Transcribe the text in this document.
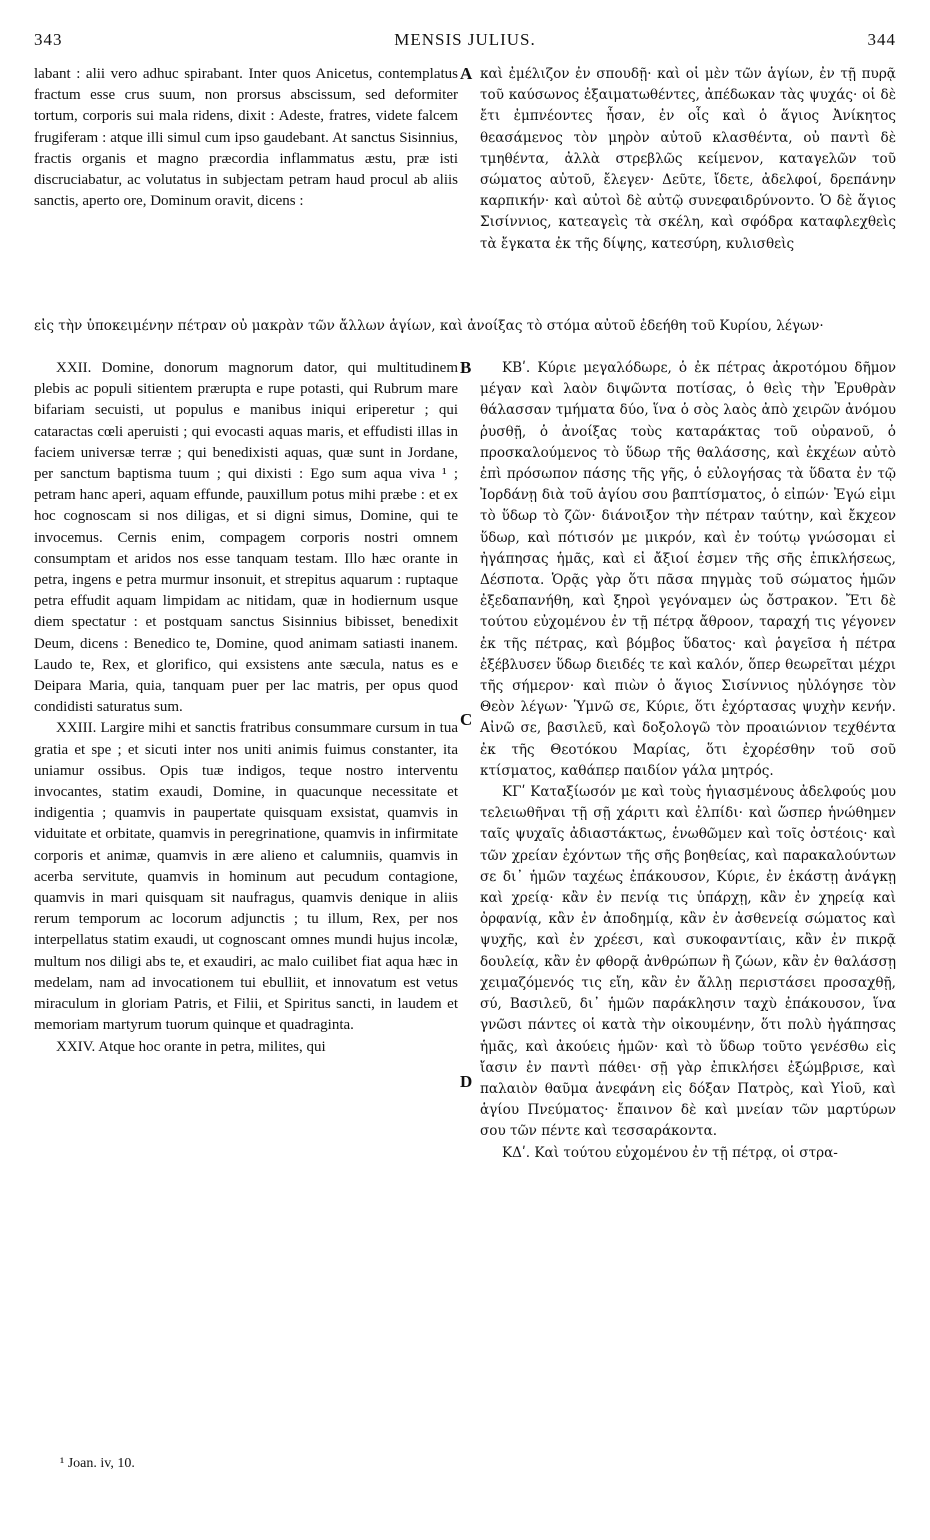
343	MENSIS JULIUS.	344

labant : alii vero adhuc spirabant. Inter quos Anicetus, contemplatus fractum esse crus suum, non prorsus abscissum, sed deformiter tortum, corporis sui mala ridens, dixit : Adeste, fratres, videte falcem frugiferam : atque illi simul cum ipso gaudebant. At sanctus Sisinnius, fractis organis et magno præcordia inflammatus æstu, præ isti discruciabatur, ac volutatus in subjectam petram haud procul ab aliis sanctis, aperto ore, Dominum oravit, dicens :

καὶ ἐμέλιζον ἐν σπουδῇ· καὶ οἱ μὲν τῶν ἁγίων, ἐν τῇ πυρᾷ τοῦ καύσωνος ἐξαιματωθέντες, ἀπέδωκαν τὰς ψυχάς· οἱ δὲ ἔτι ἐμπνέοντες ἦσαν, ἐν οἷς καὶ ὁ ἅγιος Ἀνίκητος θεασάμενος τὸν μηρὸν αὐτοῦ κλασθέντα, οὐ παντὶ δὲ τμηθέντα, ἀλλὰ στρεβλῶς κείμενον, καταγελῶν τοῦ σώματος αὐτοῦ, ἔλεγεν· Δεῦτε, ἴδετε, ἀδελφοί, δρεπάνην καρπικήν· καὶ αὐτοὶ δὲ αὐτῷ συνεφαιδρύνοντο. Ὁ δὲ ἅγιος Σισίννιος, κατεαγεὶς τὰ σκέλη, καὶ σφόδρα καταφλεχθεὶς τὰ ἔγκατα ἐκ τῆς δίψης, κατεσύρη, κυλισθεὶς

A

εἰς τὴν ὑποκειμένην πέτραν οὐ μακρὰν τῶν ἄλλων ἁγίων, καὶ ἀνοίξας τὸ στόμα αὐτοῦ ἐδεήθη τοῦ Κυρίου, λέγων·

XXII. Domine, donorum magnorum dator, qui multitudinem plebis ac populi sitientem prærupta e rupe potasti, qui Rubrum mare bifariam secuisti, ut populus e manibus iniqui eriperetur ; qui cataractas cœli aperuisti ; qui evocasti aquas maris, et effudisti illas in faciem universæ terræ ; qui benedixisti aquas, quæ sunt in Jordane, per sanctum baptisma tuum ; qui dixisti : Ego sum aqua viva ¹ ; petram hanc aperi, aquam effunde, pauxillum potus mihi præbe : et ex hoc cognoscam si nos diligas, et si digni simus, Domine, qui te invocemus. Cernis enim, compagem corporis nostri omnem consumptam et aridos nos esse tanquam testam. Illo hæc orante in petra, ingens e petra murmur insonuit, et strepitus aquarum : ruptaque petra effudit aquam limpidam ac nitidam, quæ in hodiernum usque diem spectatur : et postquam sanctus Sisinnius bibisset, benedixit Deum, dicens : Benedico te, Domine, quod animam satiasti inanem. Laudo te, Rex, et glorifico, qui exsistens ante sæcula, natus es e Deipara Maria, quia, tanquam puer per lac matris, per opus quod condidisti saturatus sum.

XXIII. Largire mihi et sanctis fratribus consummare cursum in tua gratia et spe ; et sicuti inter nos uniti animis fuimus constanter, ita uniamur ossibus. Opis tuæ indigos, teque nostro interventu invocantes, statim exaudi, Domine, in quacunque necessitate et indigentia ; quamvis in paupertate quisquam exsistat, quamvis in viduitate et orbitate, quamvis in peregrinatione, quamvis in infirmitate corporis et animæ, quamvis in ære alieno et calumniis, quamvis in acerba servitute, quamvis in hominum aut pecudum contagione, quamvis in mari quisquam sit naufragus, quamvis denique in aliis rerum temporum ac locorum adjunctis ; tu illum, Rex, per nos interpellatus statim exaudi, ut cognoscant omnes mundi hujus incolæ, multum nos diligi abs te, et exaudiri, ac malo cuilibet fiat aqua hæc in medelam, nam ad invocationem tui ebulliit, et innovatum est vetus miraculum in gloriam Patris, et Filii, et Spiritus sancti, in laudem et memoriam martyrum tuorum quinque et quadraginta.

XXIV. Atque hoc orante in petra, milites, qui

ΚΒʹ. Κύριε μεγαλόδωρε, ὁ ἐκ πέτρας ἀκροτόμου δῆμον μέγαν καὶ λαὸν διψῶντα ποτίσας, ὁ θεὶς τὴν Ἐρυθρὰν θάλασσαν τμήματα δύο, ἵνα ὁ σὸς λαὸς ἀπὸ χειρῶν ἀνόμου ῥυσθῇ, ὁ ἀνοίξας τοὺς καταράκτας τοῦ οὐρανοῦ, ὁ προσκαλούμενος τὸ ὕδωρ τῆς θαλάσσης, καὶ ἐκχέων αὐτὸ ἐπὶ πρόσωπον πάσης τῆς γῆς, ὁ εὐλογήσας τὰ ὕδατα ἐν τῷ Ἰορδάνῃ διὰ τοῦ ἁγίου σου βαπτίσματος, ὁ εἰπών· Ἐγώ εἰμι τὸ ὕδωρ τὸ ζῶν· διάνοιξον τὴν πέτραν ταύτην, καὶ ἔκχεον ὕδωρ, καὶ πότισόν με μικρόν, καὶ ἐν τούτῳ γνώσομαι εἰ ἠγάπησας ἡμᾶς, καὶ εἰ ἄξιοί ἐσμεν τῆς σῆς ἐπικλήσεως, Δέσποτα. Ὁρᾷς γὰρ ὅτι πᾶσα πηγμὰς τοῦ σώματος ἡμῶν ἐξεδαπανήθη, καὶ ξηροὶ γεγόναμεν ὡς ὄστρακον. Ἔτι δὲ τούτου εὐχομένου ἐν τῇ πέτρᾳ ἄθροον, ταραχή τις γέγονεν ἐκ τῆς πέτρας, καὶ βόμβος ὕδατος· καὶ ῥαγεῖσα ἡ πέτρα ἐξέβλυσεν ὕδωρ διειδές τε καὶ καλόν, ὅπερ θεωρεῖται μέχρι τῆς σήμερον· καὶ πιὼν ὁ ἅγιος Σισίννιος ηὐλόγησε τὸν Θεὸν λέγων· Ὑμνῶ σε, Κύριε, ὅτι ἐχόρτασας ψυχὴν κενήν. Αἰνῶ σε, βασιλεῦ, καὶ δοξολογῶ τὸν προαιώνιον τεχθέντα ἐκ τῆς Θεοτόκου Μαρίας, ὅτι ἐχορέσθην τοῦ σοῦ κτίσματος, καθάπερ παιδίον γάλα μητρός.

ΚΓʹ Καταξίωσόν με καὶ τοὺς ἡγιασμένους ἀδελφούς μου τελειωθῆναι τῇ σῇ χάριτι καὶ ἐλπίδι· καὶ ὥσπερ ἡνώθημεν ταῖς ψυχαῖς ἀδιαστάκτως, ἑνωθῶμεν καὶ τοῖς ὀστέοις· καὶ τῶν χρείαν ἐχόντων τῆς σῆς βοηθείας, καὶ παρακαλούντων σε δι᾽ ἡμῶν ταχέως ἐπάκουσον, Κύριε, ἐν ἑκάστῃ ἀνάγκῃ καὶ χρείᾳ· κἂν ἐν πενίᾳ τις ὑπάρχῃ, κἂν ἐν χηρείᾳ καὶ ὀρφανίᾳ, κἂν ἐν ἀποδημίᾳ, κἂν ἐν ἀσθενείᾳ σώματος καὶ ψυχῆς, καὶ ἐν χρέεσι, καὶ συκοφαντίαις, κἂν ἐν πικρᾷ δουλείᾳ, κἂν ἐν φθορᾷ ἀνθρώπων ἢ ζώων, κἂν ἐν θαλάσσῃ χειμαζόμενός τις εἴη, κἂν ἐν ἄλλῃ περιστάσει προσαχθῇ, σύ, Βασιλεῦ, δι᾽ ἡμῶν παράκλησιν ταχὺ ἐπάκουσον, ἵνα γνῶσι πάντες οἱ κατὰ τὴν οἰκουμένην, ὅτι πολὺ ἠγάπησας ἡμᾶς, καὶ ἀκούεις ἡμῶν· καὶ τὸ ὕδωρ τοῦτο γενέσθω εἰς ἴασιν ἐν παντὶ πάθει· σῇ γὰρ ἐπικλήσει ἐξώμβρισε, καὶ παλαιὸν θαῦμα ἀνεφάνη εἰς δόξαν Πατρὸς, καὶ Υἱοῦ, καὶ ἁγίου Πνεύματος· ἔπαινον δὲ καὶ μνείαν τῶν μαρτύρων σου τῶν πέντε καὶ τεσσαράκοντα.

ΚΔʹ. Καὶ τούτου εὐχομένου ἐν τῇ πέτρᾳ, οἱ στρα-

B
C
D
¹ Joan. iv, 10.
